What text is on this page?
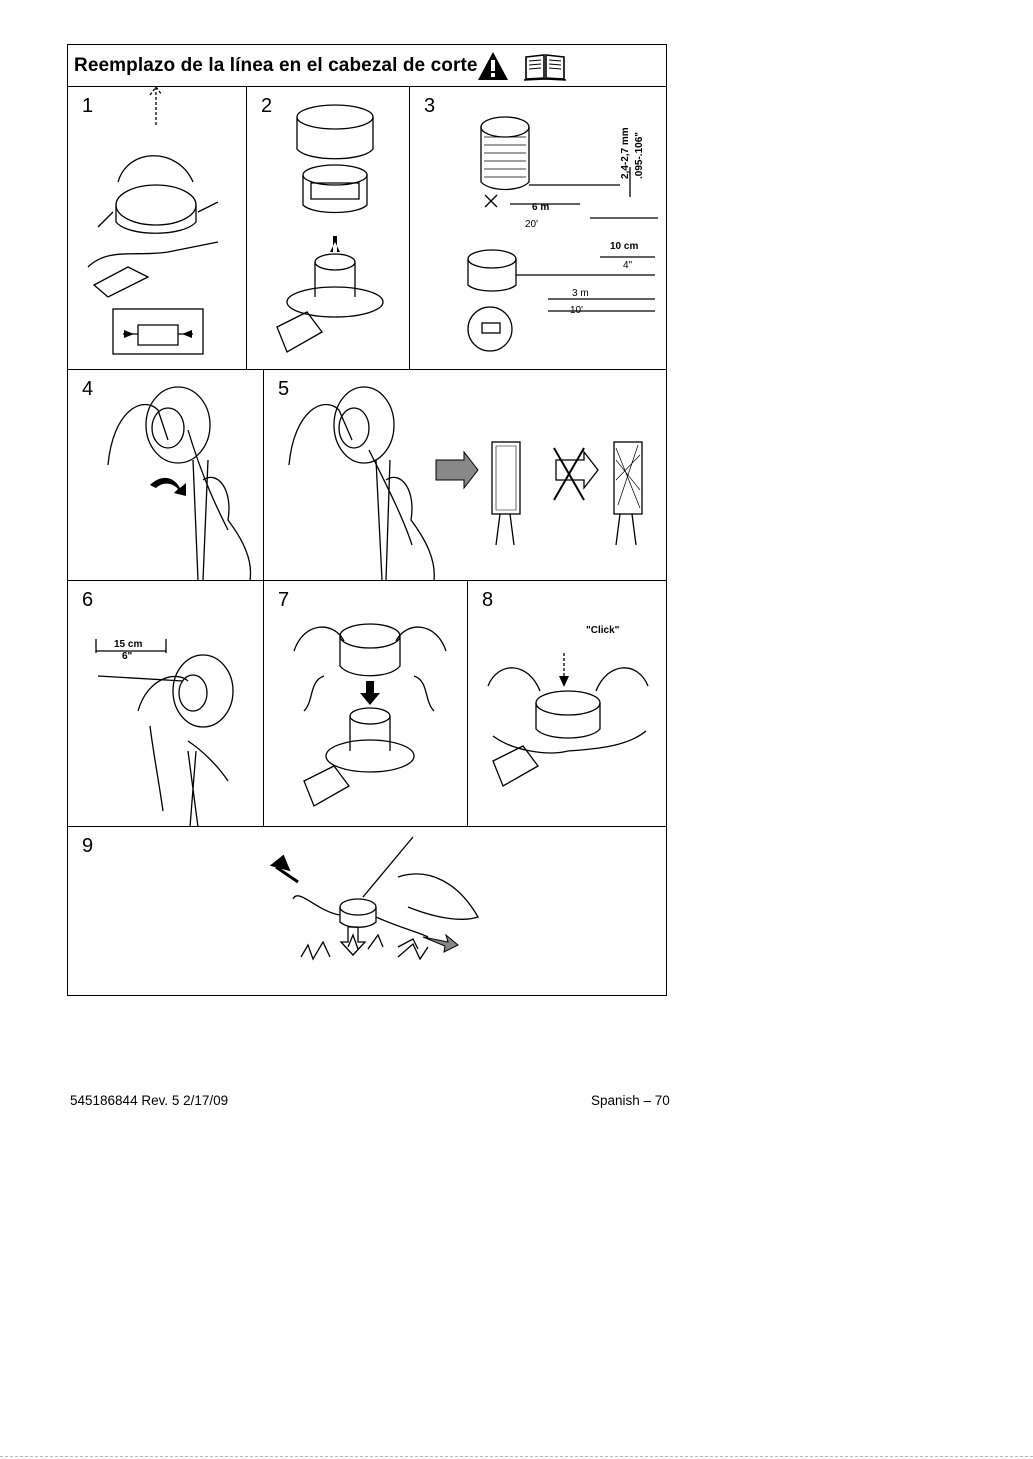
Reemplazo de la línea en el cabezal de corte
1	2	3
6 m
20'
10 cm
4"
3 m
10'
2,4-2,7 mm .095-.106"
4	5
6
15 cm
6"
7	8
"Click"
9
545186844 Rev. 5 2/17/09	Spanish – 70
